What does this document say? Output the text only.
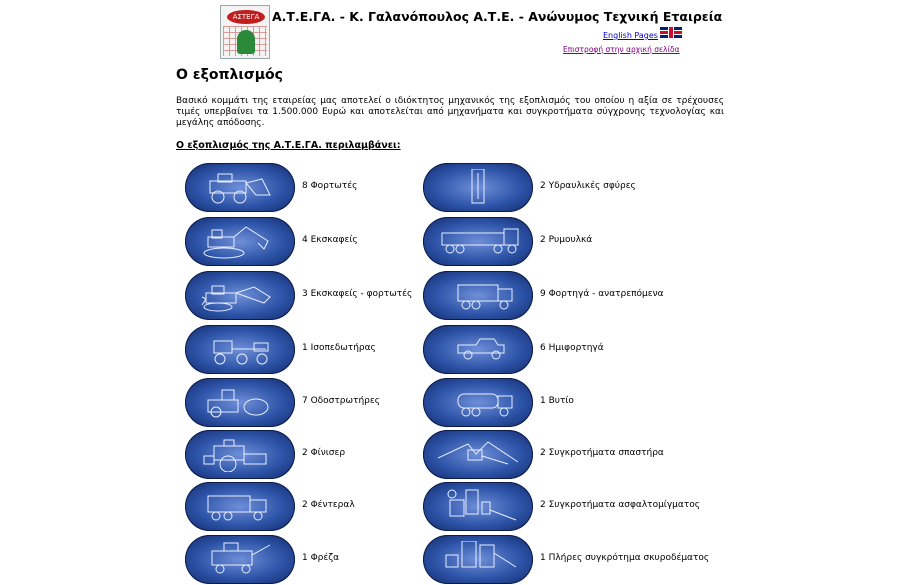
ΑΣΤΕΓΑ	Α.Τ.Ε.ΓΑ. - Κ. Γαλανόπουλος Α.Τ.Ε. - Ανώνυμος Τεχνική Εταιρεία
English Pages
Επιστροφή στην αρχική σελίδα
Ο εξοπλισμός

Βασικό κομμάτι της εταιρείας μας αποτελεί ο ιδιόκτητος μηχανικός της εξοπλισμός του οποίου η αξία σε τρέχουσες τιμές υπερβαίνει τα 1.500.000 Ευρώ και αποτελείται από μηχανήματα και συγκροτήματα σύγχρονης τεχνολογίας και μεγάλης απόδοσης.

Ο εξοπλισμός της Α.Τ.Ε.ΓΑ. περιλαμβάνει:

8 Φορτωτές
4 Εκσκαφείς
3 Εκσκαφείς - φορτωτές
1 Ισοπεδωτήρας
7 Οδοστρωτήρες
2 Φίνισερ
2 Φένтεραλ
1 Φρέζα
2 Υδραυλικές σφύρες
2 Ρυμουλκά
9 Φορτηγά - ανατρεπόμενα
6 Ημιφορτηγά
1 Βυτίο
2 Συγκροτήματα σπαστήρα
2 Συγκροτήματα ασφαλτομίγματος
1 Πλήρες συγκρότημα σκυροδέματος
